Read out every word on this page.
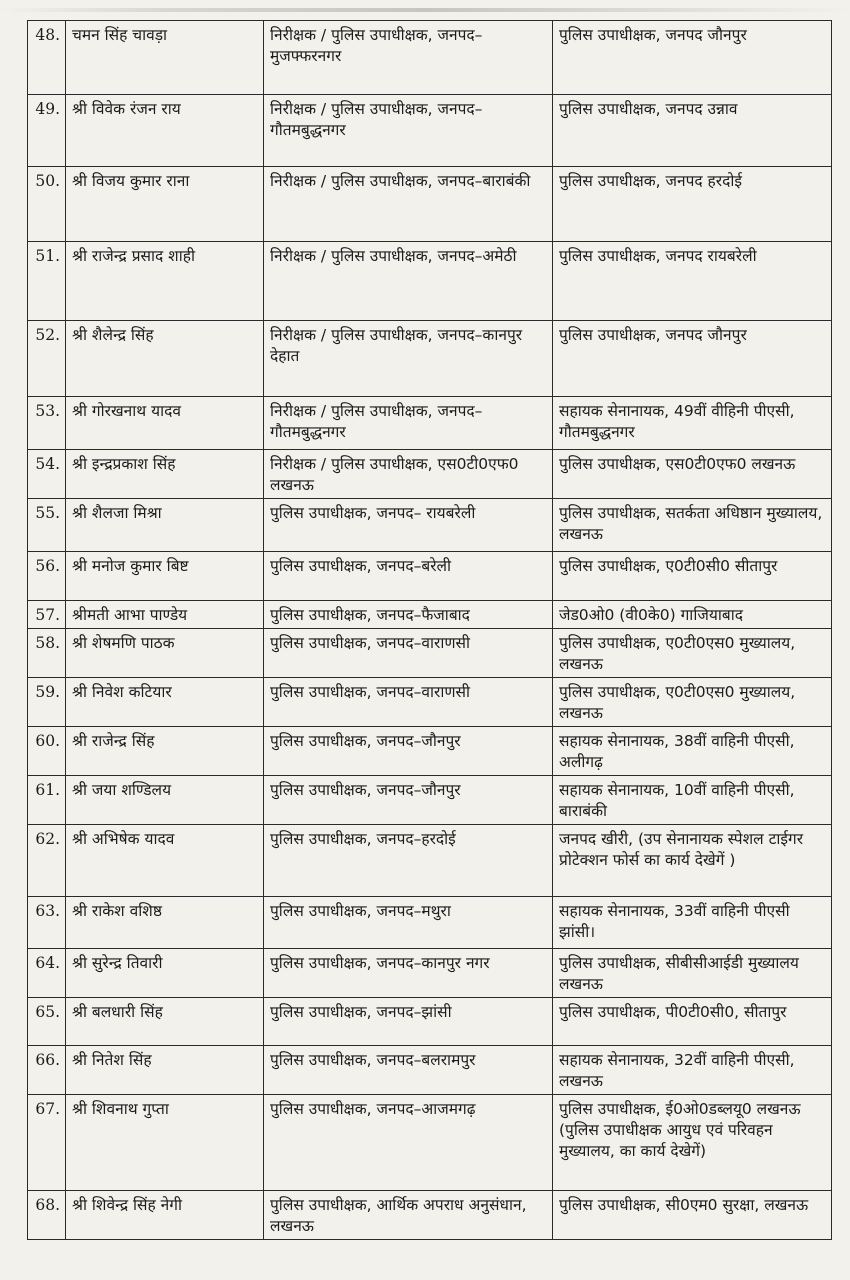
48.	चमन सिंह चावड़ा	निरीक्षक / पुलिस उपाधीक्षक, जनपद–मुजफ्फरनगर	पुलिस उपाधीक्षक, जनपद जौनपुर
49.	श्री विवेक रंजन राय	निरीक्षक / पुलिस उपाधीक्षक, जनपद–गौतमबुद्धनगर	पुलिस उपाधीक्षक, जनपद उन्नाव
50.	श्री विजय कुमार राना	निरीक्षक / पुलिस उपाधीक्षक, जनपद–बाराबंकी	पुलिस उपाधीक्षक, जनपद हरदोई
51.	श्री राजेन्द्र प्रसाद शाही	निरीक्षक / पुलिस उपाधीक्षक, जनपद–अमेठी	पुलिस उपाधीक्षक, जनपद रायबरेली
52.	श्री शैलेन्द्र सिंह	निरीक्षक / पुलिस उपाधीक्षक, जनपद–कानपुर देहात	पुलिस उपाधीक्षक, जनपद जौनपुर
53.	श्री गोरखनाथ यादव	निरीक्षक / पुलिस उपाधीक्षक, जनपद–गौतमबुद्धनगर	सहायक सेनानायक, 49वीं वीहिनी पीएसी, गौतमबुद्धनगर
54.	श्री इन्द्रप्रकाश सिंह	निरीक्षक / पुलिस उपाधीक्षक, एस0टी0एफ0 लखनऊ	पुलिस उपाधीक्षक, एस0टी0एफ0 लखनऊ
55.	श्री शैलजा मिश्रा	पुलिस उपाधीक्षक, जनपद– रायबरेली	पुलिस उपाधीक्षक, सतर्कता अधिष्ठान मुख्यालय, लखनऊ
56.	श्री मनोज कुमार बिष्ट	पुलिस उपाधीक्षक, जनपद–बरेली	पुलिस उपाधीक्षक, ए0टी0सी0 सीतापुर
57.	श्रीमती आभा पाण्डेय	पुलिस उपाधीक्षक, जनपद–फैजाबाद	जेड0ओ0 (वी0के0) गाजियाबाद
58.	श्री शेषमणि पाठक	पुलिस उपाधीक्षक, जनपद–वाराणसी	पुलिस उपाधीक्षक, ए0टी0एस0 मुख्यालय, लखनऊ
59.	श्री निवेश कटियार	पुलिस उपाधीक्षक, जनपद–वाराणसी	पुलिस उपाधीक्षक, ए0टी0एस0 मुख्यालय, लखनऊ
60.	श्री राजेन्द्र सिंह	पुलिस उपाधीक्षक, जनपद–जौनपुर	सहायक सेनानायक, 38वीं वाहिनी पीएसी, अलीगढ़
61.	श्री जया शण्डिलय	पुलिस उपाधीक्षक, जनपद–जौनपुर	सहायक सेनानायक, 10वीं वाहिनी पीएसी, बाराबंकी
62.	श्री अभिषेक यादव	पुलिस उपाधीक्षक, जनपद–हरदोई	जनपद खीरी, (उप सेनानायक स्पेशल टाईगर प्रोटेक्शन फोर्स का कार्य देखेगें )
63.	श्री राकेश वशिष्ठ	पुलिस उपाधीक्षक, जनपद–मथुरा	सहायक सेनानायक, 33वीं वाहिनी पीएसी झांसी।
64.	श्री सुरेन्द्र तिवारी	पुलिस उपाधीक्षक, जनपद–कानपुर नगर	पुलिस उपाधीक्षक, सीबीसीआईडी मुख्यालय लखनऊ
65.	श्री बलधारी सिंह	पुलिस उपाधीक्षक, जनपद–झांसी	पुलिस उपाधीक्षक, पी0टी0सी0, सीतापुर
66.	श्री नितेश सिंह	पुलिस उपाधीक्षक, जनपद–बलरामपुर	सहायक सेनानायक, 32वीं वाहिनी पीएसी, लखनऊ
67.	श्री शिवनाथ गुप्ता	पुलिस उपाधीक्षक, जनपद–आजमगढ़	पुलिस उपाधीक्षक, ई0ओ0डब्लयू0 लखनऊ (पुलिस उपाधीक्षक आयुध एवं परिवहन मुख्यालय, का कार्य देखेगें)
68.	श्री शिवेन्द्र सिंह नेगी	पुलिस उपाधीक्षक, आर्थिक अपराध अनुसंधान, लखनऊ	पुलिस उपाधीक्षक, सी0एम0 सुरक्षा, लखनऊ
